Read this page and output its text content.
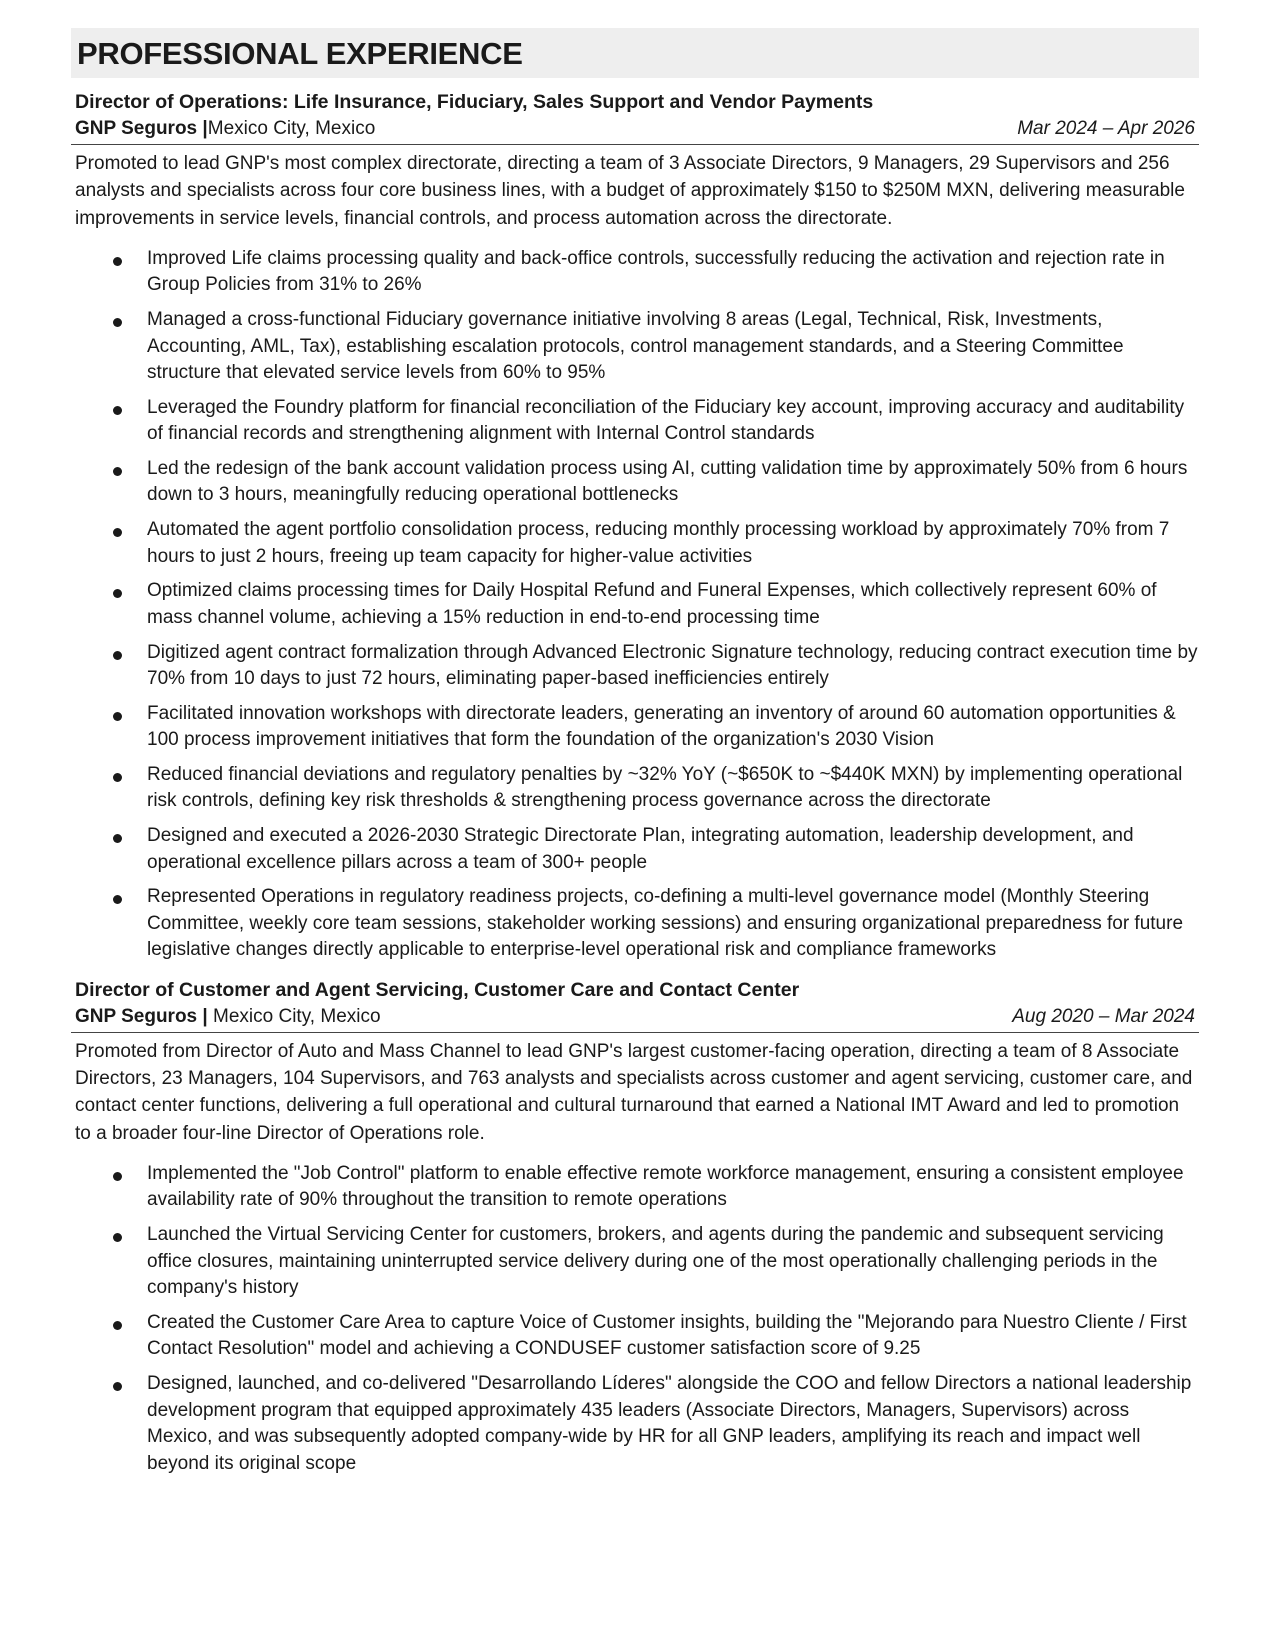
PROFESSIONAL EXPERIENCE
Director of Operations: Life Insurance, Fiduciary, Sales Support and Vendor Payments
GNP Seguros |Mexico City, Mexico	Mar 2024 – Apr 2026

Promoted to lead GNP's most complex directorate, directing a team of 3 Associate Directors, 9 Managers, 29 Supervisors and 256 analysts and specialists across four core business lines, with a budget of approximately $150 to $250M MXN, delivering measurable improvements in service levels, financial controls, and process automation across the directorate.

Improved Life claims processing quality and back-office controls, successfully reducing the activation and rejection rate in Group Policies from 31% to 26%
Managed a cross-functional Fiduciary governance initiative involving 8 areas (Legal, Technical, Risk, Investments, Accounting, AML, Tax), establishing escalation protocols, control management standards, and a Steering Committee structure that elevated service levels from 60% to 95%
Leveraged the Foundry platform for financial reconciliation of the Fiduciary key account, improving accuracy and auditability of financial records and strengthening alignment with Internal Control standards
Led the redesign of the bank account validation process using AI, cutting validation time by approximately 50% from 6 hours down to 3 hours, meaningfully reducing operational bottlenecks
Automated the agent portfolio consolidation process, reducing monthly processing workload by approximately 70% from 7 hours to just 2 hours, freeing up team capacity for higher-value activities
Optimized claims processing times for Daily Hospital Refund and Funeral Expenses, which collectively represent 60% of mass channel volume, achieving a 15% reduction in end-to-end processing time
Digitized agent contract formalization through Advanced Electronic Signature technology, reducing contract execution time by 70% from 10 days to just 72 hours, eliminating paper-based inefficiencies entirely
Facilitated innovation workshops with directorate leaders, generating an inventory of around 60 automation opportunities & 100 process improvement initiatives that form the foundation of the organization's 2030 Vision
Reduced financial deviations and regulatory penalties by ~32% YoY (~$650K to ~$440K MXN) by implementing operational risk controls, defining key risk thresholds & strengthening process governance across the directorate
Designed and executed a 2026-2030 Strategic Directorate Plan, integrating automation, leadership development, and operational excellence pillars across a team of 300+ people
Represented Operations in regulatory readiness projects, co-defining a multi-level governance model (Monthly Steering Committee, weekly core team sessions, stakeholder working sessions) and ensuring organizational preparedness for future legislative changes directly applicable to enterprise-level operational risk and compliance frameworks
Director of Customer and Agent Servicing, Customer Care and Contact Center
GNP Seguros | Mexico City, Mexico	Aug 2020 – Mar 2024

Promoted from Director of Auto and Mass Channel to lead GNP's largest customer-facing operation, directing a team of 8 Associate Directors, 23 Managers, 104 Supervisors, and 763 analysts and specialists across customer and agent servicing, customer care, and contact center functions, delivering a full operational and cultural turnaround that earned a National IMT Award and led to promotion to a broader four-line Director of Operations role.

Implemented the "Job Control" platform to enable effective remote workforce management, ensuring a consistent employee availability rate of 90% throughout the transition to remote operations
Launched the Virtual Servicing Center for customers, brokers, and agents during the pandemic and subsequent servicing office closures, maintaining uninterrupted service delivery during one of the most operationally challenging periods in the company's history
Created the Customer Care Area to capture Voice of Customer insights, building the "Mejorando para Nuestro Cliente / First Contact Resolution" model and achieving a CONDUSEF customer satisfaction score of 9.25
Designed, launched, and co-delivered "Desarrollando Líderes" alongside the COO and fellow Directors a national leadership development program that equipped approximately 435 leaders (Associate Directors, Managers, Supervisors) across Mexico, and was subsequently adopted company-wide by HR for all GNP leaders, amplifying its reach and impact well beyond its original scope
